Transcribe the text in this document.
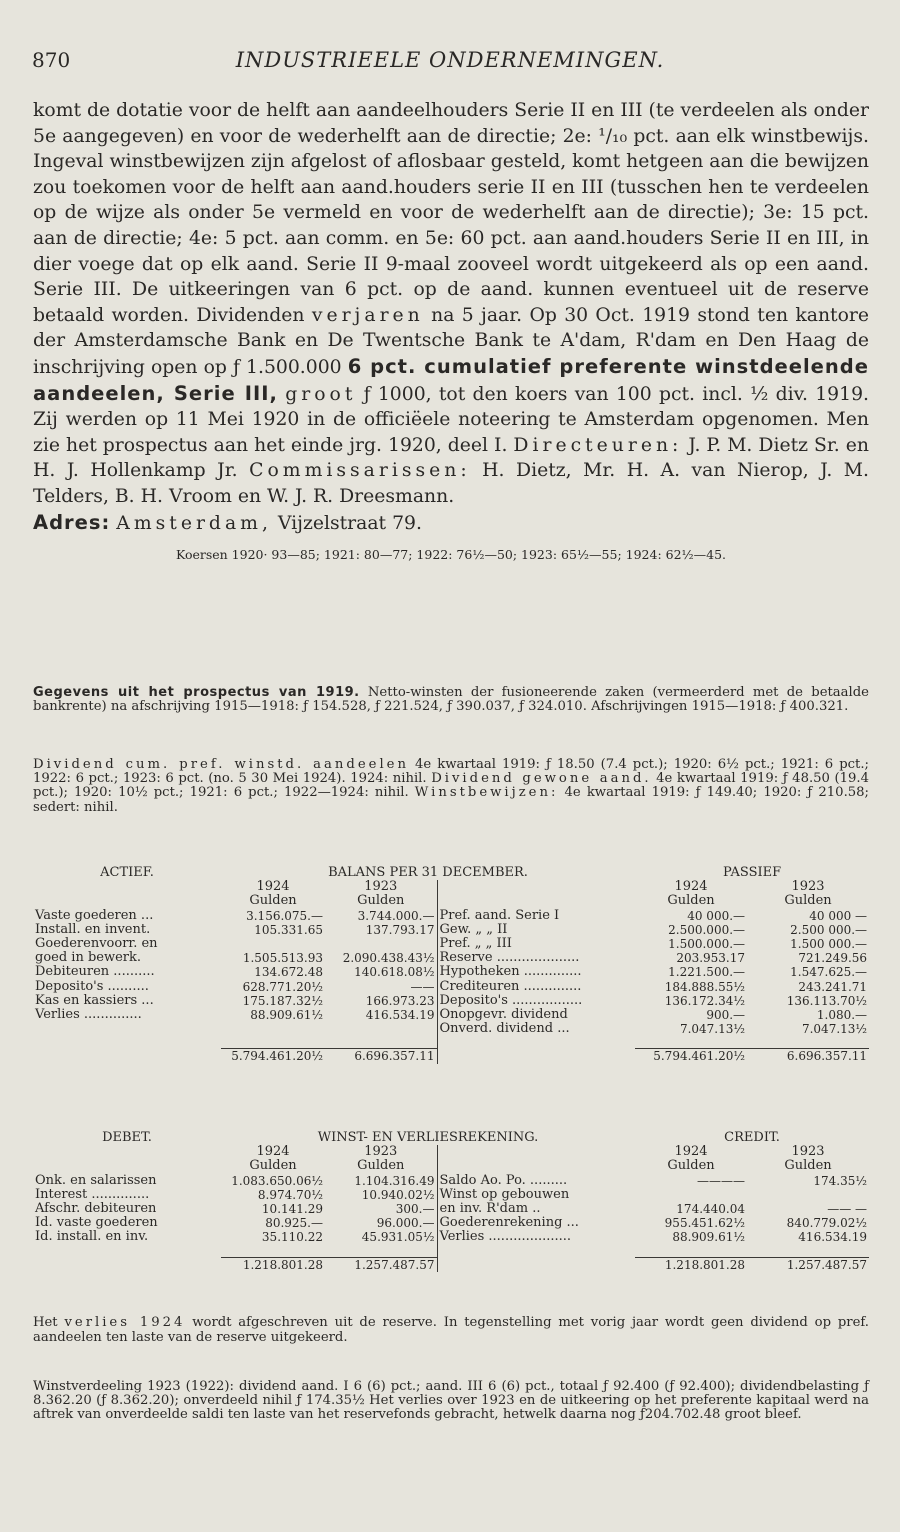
870	INDUSTRIEELE ONDERNEMINGEN.

komt de dotatie voor de helft aan aandeelhouders Serie II en III (te verdeelen als onder 5e aangegeven) en voor de wederhelft aan de directie; 2e: ¹/₁₀ pct. aan elk winstbewijs. Ingeval winstbewijzen zijn afgelost of aflosbaar gesteld, komt hetgeen aan die bewijzen zou toekomen voor de helft aan aand.houders serie II en III (tusschen hen te verdeelen op de wijze als onder 5e vermeld en voor de wederhelft aan de directie); 3e: 15 pct. aan de directie; 4e: 5 pct. aan comm. en 5e: 60 pct. aan aand.houders Serie II en III, in dier voege dat op elk aand. Serie II 9-maal zooveel wordt uitgekeerd als op een aand. Serie III. De uitkeeringen van 6 pct. op de aand. kunnen eventueel uit de reserve betaald worden. Dividenden verjaren na 5 jaar. Op 30 Oct. 1919 stond ten kantore der Amsterdamsche Bank en De Twentsche Bank te A'dam, R'dam en Den Haag de inschrijving open op ƒ 1.500.000 6 pct. cumulatief preferente winstdeelende aandeelen, Serie III, groot ƒ 1000, tot den koers van 100 pct. incl. ½ div. 1919. Zij werden op 11 Mei 1920 in de officiëele noteering te Amsterdam opgenomen. Men zie het prospectus aan het einde jrg. 1920, deel I. Directeuren: J. P. M. Dietz Sr. en H. J. Hollenkamp Jr. Commissarissen: H. Dietz, Mr. H. A. van Nierop, J. M. Telders, B. H. Vroom en W. J. R. Dreesmann.

Adres: Amsterdam, Vijzelstraat 79.

Koersen 1920· 93—85; 1921: 80—77; 1922: 76½—50; 1923: 65½—55; 1924: 62½—45.

Gegevens uit het prospectus van 1919. Netto-winsten der fusioneerende zaken (vermeerderd met de betaalde bankrente) na afschrijving 1915—1918: ƒ 154.528, ƒ 221.524, ƒ 390.037, ƒ 324.010. Afschrijvingen 1915—1918: ƒ 400.321.

Dividend cum. pref. winstd. aandeelen 4e kwartaal 1919: ƒ 18.50 (7.4 pct.); 1920: 6½ pct.; 1921: 6 pct.; 1922: 6 pct.; 1923: 6 pct. (no. 5 30 Mei 1924). 1924: nihil. Dividend gewone aand. 4e kwartaal 1919: ƒ 48.50 (19.4 pct.); 1920: 10½ pct.; 1921: 6 pct.; 1922—1924: nihil. Winstbewijzen: 4e kwartaal 1919: ƒ 149.40; 1920: ƒ 210.58; sedert: nihil.

ACTIEF.	BALANS PER 31 DECEMBER.			PASSIEF	
	1924	1923		1924	1923
	Gulden	Gulden		Gulden	Gulden
Vaste goederen ...	3.156.075.—	3.744.000.—	Pref. aand. Serie I	40 000.—	40 000 —
Install. en invent.	105.331.65	137.793.17	Gew. „ „ II	2.500.000.—	2.500 000.—
Goederenvoorr. en			Pref. „ „ III	1.500.000.—	1.500 000.—
goed in bewerk.	1.505.513.93	2.090.438.43½	Reserve ....................	203.953.17	721.249.56
Debiteuren ..........	134.672.48	140.618.08½	Hypotheken ..............	1.221.500.—	1.547.625.—
Deposito's ..........	628.771.20½	——	Crediteuren ..............	184.888.55½	243.241.71
Kas en kassiers ...	175.187.32½	166.973.23	Deposito's .................	136.172.34½	136.113.70½
Verlies ..............	88.909.61½	416.534.19	Onopgevr. dividend	900.—	1.080.—
			Onverd. dividend ...	7.047.13½	7.047.13½

	5.794.461.20½	6.696.357.11		5.794.461.20½	6.696.357.11
DEBET.	WINST- EN VERLIESREKENING.			CREDIT.	
	1924	1923		1924	1923
	Gulden	Gulden		Gulden	Gulden
Onk. en salarissen	1.083.650.06½	1.104.316.49	Saldo Ao. Po. .........	————	174.35½
Interest ..............	8.974.70½	10.940.02½	Winst op gebouwen		
Afschr. debiteuren	10.141.29	300.—	en inv. R'dam ..	174.440.04	—— —
Id. vaste goederen	80.925.—	96.000.—	Goederenrekening ...	955.451.62½	840.779.02½
Id. install. en inv.	35.110.22	45.931.05½	Verlies ....................	88.909.61½	416.534.19

	1.218.801.28	1.257.487.57		1.218.801.28	1.257.487.57

Het verlies 1924 wordt afgeschreven uit de reserve. In tegenstelling met vorig jaar wordt geen dividend op pref. aandeelen ten laste van de reserve uitgekeerd.

Winstverdeeling 1923 (1922): dividend aand. I 6 (6) pct.; aand. III 6 (6) pct., totaal ƒ 92.400 (ƒ 92.400); dividendbelasting ƒ 8.362.20 (ƒ 8.362.20); onverdeeld nihil ƒ 174.35½ Het verlies over 1923 en de uitkeering op het preferente kapitaal werd na aftrek van onverdeelde saldi ten laste van het reservefonds gebracht, hetwelk daarna nog ƒ204.702.48 groot bleef.
